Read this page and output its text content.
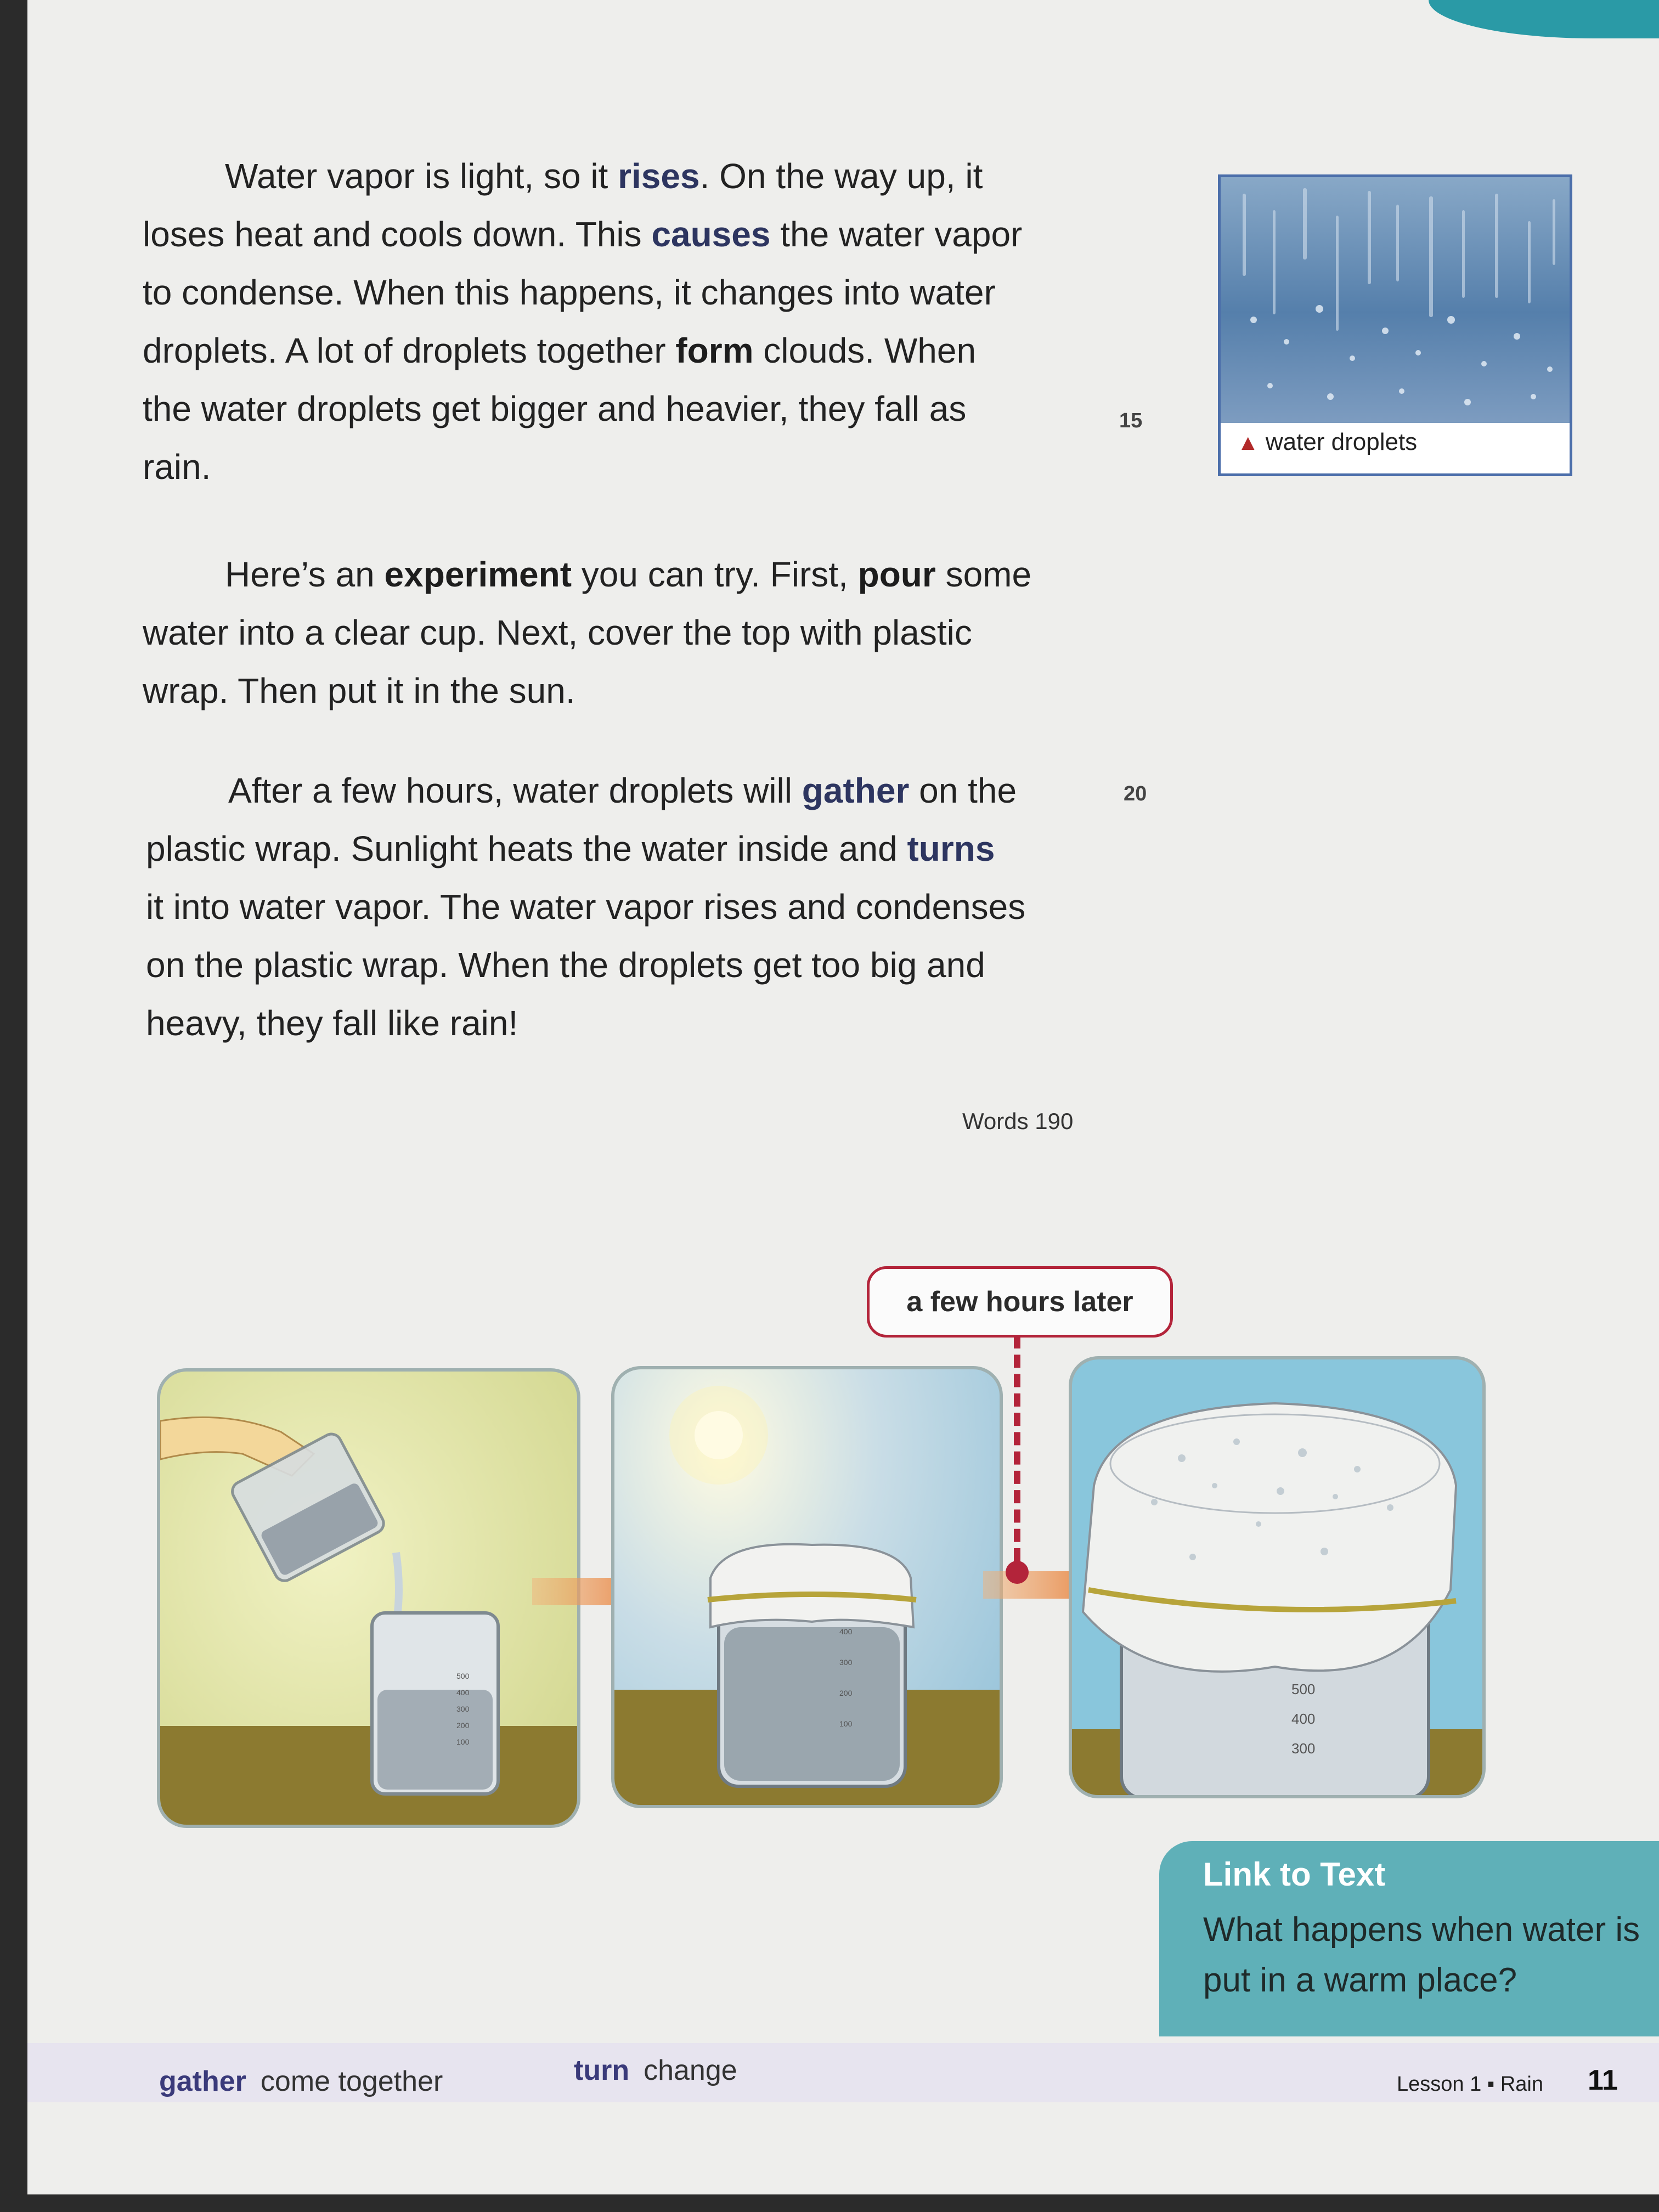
Water vapor is light, so it rises. On the way up, it
loses heat and cools down. This causes the water vapor
to condense. When this happens, it changes into water
droplets. A lot of droplets together form clouds. When
the water droplets get bigger and heavier, they fall as
rain.

15

Here’s an experiment you can try. First, pour some
water into a clear cup. Next, cover the top with plastic
wrap. Then put it in the sun.

After a few hours, water droplets will gather on the
plastic wrap. Sunlight heats the water inside and turns
it into water vapor. The water vapor rises and condenses
on the plastic wrap. When the droplets get too big and
heavy, they fall like rain!

20
▲ water droplets
Words 190
a few hours later
500
400
300
200
100
400
300
200
100
500
400
300
Link to Text
What happens when water is put in a warm place?
gather come together	turn change	Lesson 1 ▪ Rain 11
